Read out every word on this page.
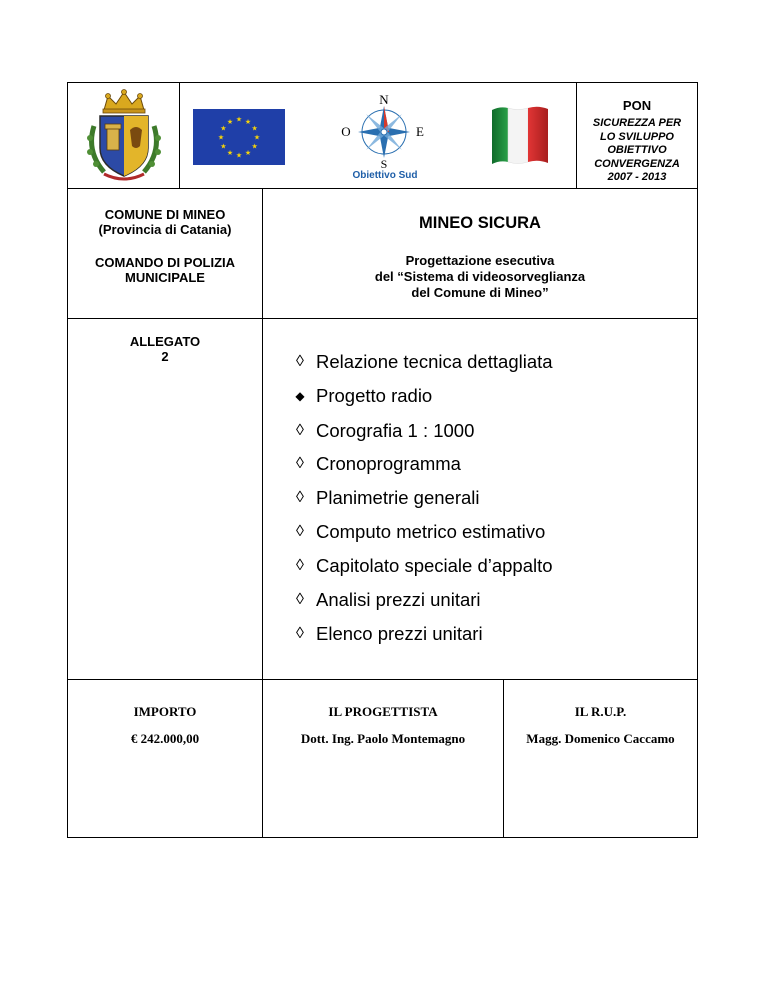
★ ★
★
★
★
★
★
★
★
★
★
★
N
S
O	E
Obiettivo Sud
PON
SICUREZZA PER
LO SVILUPPO
OBIETTIVO
CONVERGENZA
2007 - 2013
COMUNE DI MINEO
(Provincia di Catania)
COMANDO DI POLIZIA
MUNICIPALE
MINEO SICURA
Progettazione esecutiva
del “Sistema di videosorveglianza
del Comune di Mineo”
ALLEGATO
2	◊ Relazione tecnica dettagliata
◆ Progetto radio
◊ Corografia 1 : 1000
◊ Cronoprogramma
◊ Planimetrie generali
◊ Computo metrico estimativo
◊ Capitolato speciale d’appalto
◊ Analisi prezzi unitari
◊ Elenco prezzi unitari
IMPORTO
€ 242.000,00
IL PROGETTISTA
Dott. Ing. Paolo Montemagno
IL R.U.P.
Magg. Domenico Caccamo
